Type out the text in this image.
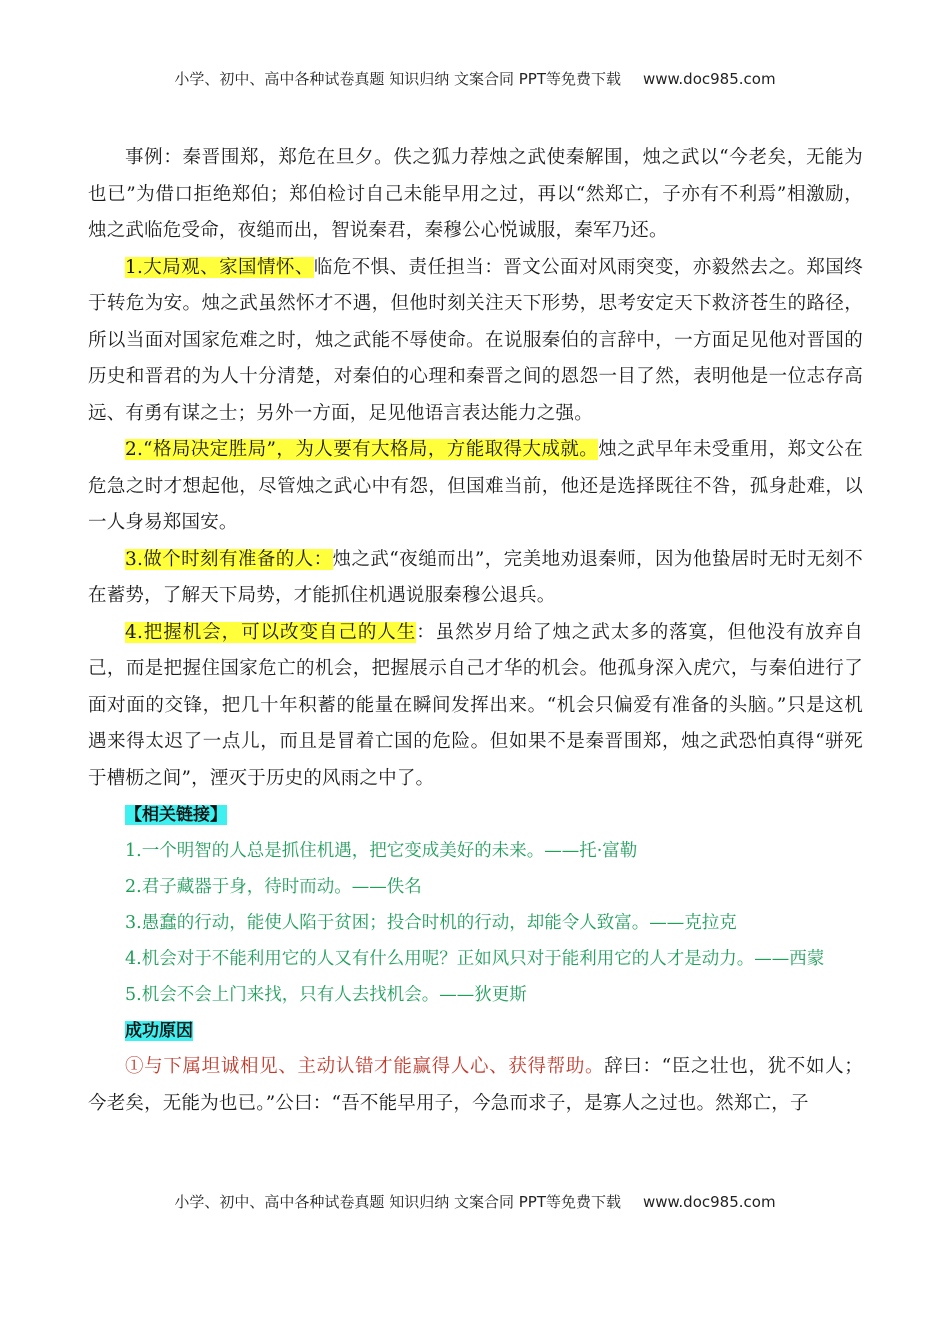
小学、初中、高中各种试卷真题 知识归纳 文案合同 PPT等免费下载 www.doc985.com

事例：秦晋围郑，郑危在旦夕。佚之狐力荐烛之武使秦解围，烛之武以“今老矣，无能为也已”为借口拒绝郑伯；郑伯检讨自己未能早用之过，再以“然郑亡，子亦有不利焉”相激励，烛之武临危受命，夜缒而出，智说秦君，秦穆公心悦诚服，秦军乃还。

1.大局观、家国情怀、临危不惧、责任担当：晋文公面对风雨突变，亦毅然去之。郑国终于转危为安。烛之武虽然怀才不遇，但他时刻关注天下形势，思考安定天下救济苍生的路径，所以当面对国家危难之时，烛之武能不辱使命。在说服秦伯的言辞中，一方面足见他对晋国的历史和晋君的为人十分清楚，对秦伯的心理和秦晋之间的恩怨一目了然，表明他是一位志存高远、有勇有谋之士；另外一方面，足见他语言表达能力之强。

2.“格局决定胜局”，为人要有大格局，方能取得大成就。烛之武早年未受重用，郑文公在危急之时才想起他，尽管烛之武心中有怨，但国难当前，他还是选择既往不咎，孤身赴难，以一人身易郑国安。

3.做个时刻有准备的人：烛之武“夜缒而出”，完美地劝退秦师，因为他蛰居时无时无刻不在蓄势，了解天下局势，才能抓住机遇说服秦穆公退兵。

4.把握机会，可以改变自己的人生：虽然岁月给了烛之武太多的落寞，但他没有放弃自己，而是把握住国家危亡的机会，把握展示自己才华的机会。他孤身深入虎穴，与秦伯进行了面对面的交锋，把几十年积蓄的能量在瞬间发挥出来。“机会只偏爱有准备的头脑。”只是这机遇来得太迟了一点儿，而且是冒着亡国的危险。但如果不是秦晋围郑，烛之武恐怕真得“骈死于槽枥之间”，湮灭于历史的风雨之中了。

【相关链接】

1.一个明智的人总是抓住机遇，把它变成美好的未来。——托·富勒

2.君子藏器于身，待时而动。——佚名

3.愚蠢的行动，能使人陷于贫困；投合时机的行动，却能令人致富。——克拉克

4.机会对于不能利用它的人又有什么用呢？正如风只对于能利用它的人才是动力。——西蒙

5.机会不会上门来找，只有人去找机会。——狄更斯

成功原因

①与下属坦诚相见、主动认错才能赢得人心、获得帮助。辞曰：“臣之壮也，犹不如人；今老矣，无能为也已。”公曰：“吾不能早用子，今急而求子，是寡人之过也。然郑亡，子

小学、初中、高中各种试卷真题 知识归纳 文案合同 PPT等免费下载 www.doc985.com
